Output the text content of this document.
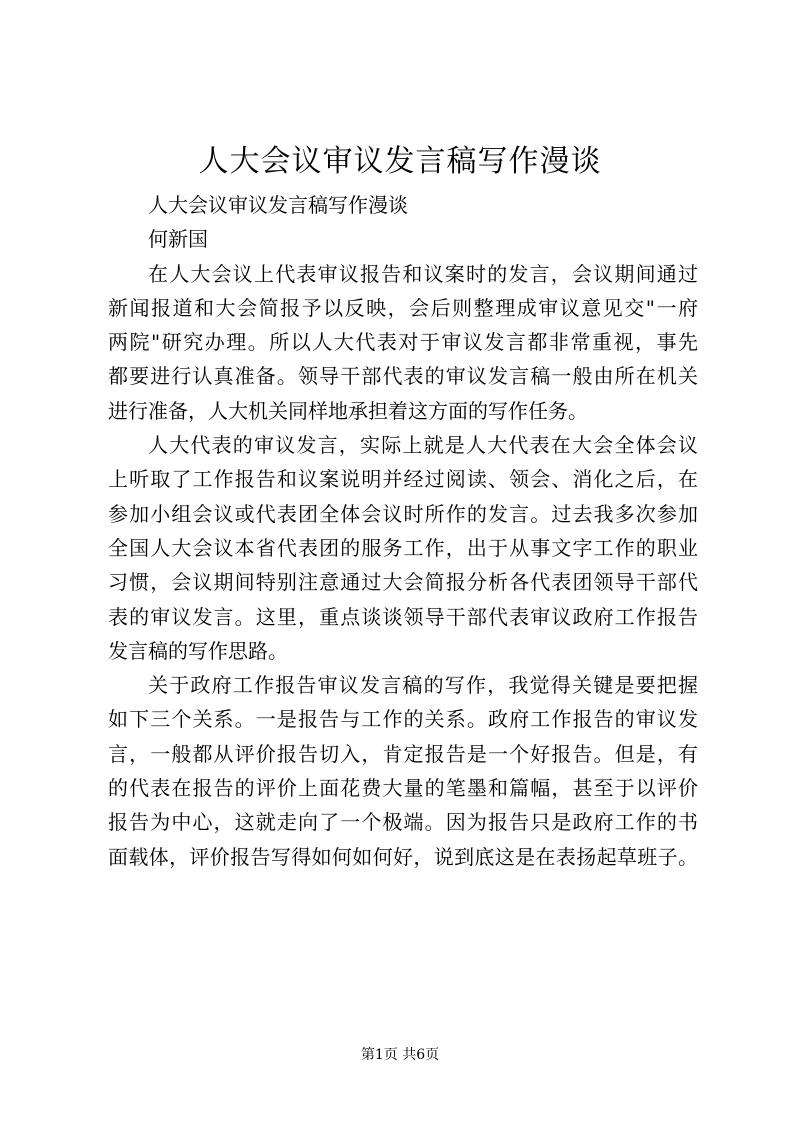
人大会议审议发言稿写作漫谈
人大会议审议发言稿写作漫谈
何新国
在人大会议上代表审议报告和议案时的发言，会议期间通过
新闻报道和大会简报予以反映，会后则整理成审议意见交"一府
两院"研究办理。所以人大代表对于审议发言都非常重视，事先
都要进行认真准备。领导干部代表的审议发言稿一般由所在机关
进行准备，人大机关同样地承担着这方面的写作任务。
人大代表的审议发言，实际上就是人大代表在大会全体会议
上听取了工作报告和议案说明并经过阅读、领会、消化之后，在
参加小组会议或代表团全体会议时所作的发言。过去我多次参加
全国人大会议本省代表团的服务工作，出于从事文字工作的职业
习惯，会议期间特别注意通过大会简报分析各代表团领导干部代
表的审议发言。这里，重点谈谈领导干部代表审议政府工作报告
发言稿的写作思路。
关于政府工作报告审议发言稿的写作，我觉得关键是要把握
如下三个关系。一是报告与工作的关系。政府工作报告的审议发
言，一般都从评价报告切入，肯定报告是一个好报告。但是，有
的代表在报告的评价上面花费大量的笔墨和篇幅，甚至于以评价
报告为中心，这就走向了一个极端。因为报告只是政府工作的书
面载体，评价报告写得如何如何好，说到底这是在表扬起草班子。
第1页 共6页
